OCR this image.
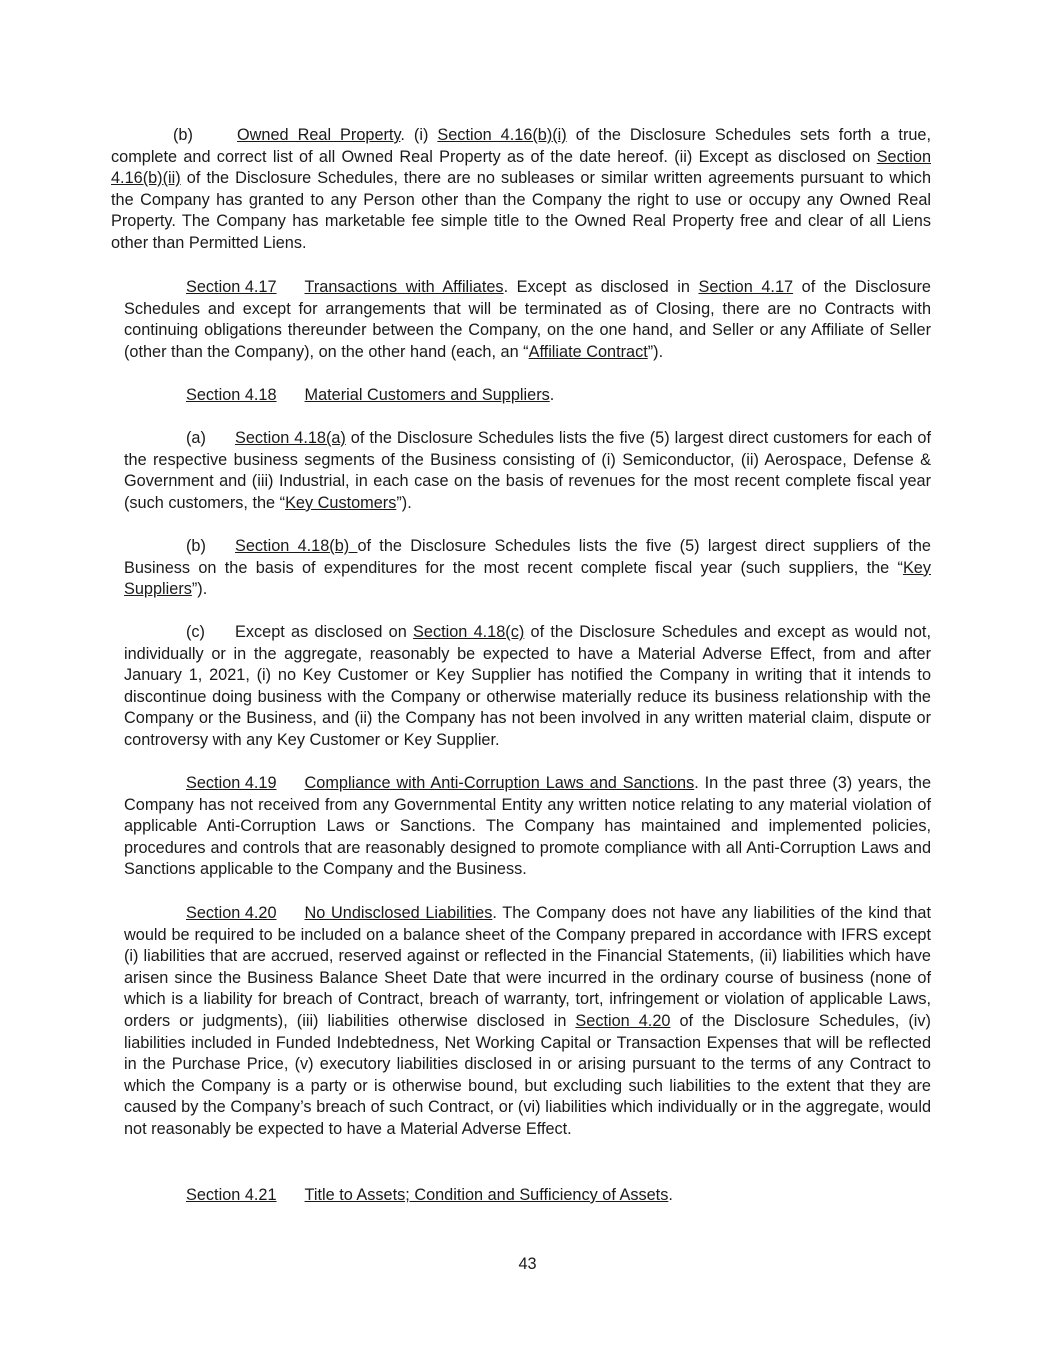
(b)	Owned Real Property. (i) Section 4.16(b)(i) of the Disclosure Schedules sets forth a true, complete and correct list of all Owned Real Property as of the date hereof. (ii) Except as disclosed on Section 4.16(b)(ii) of the Disclosure Schedules, there are no subleases or similar written agreements pursuant to which the Company has granted to any Person other than the Company the right to use or occupy any Owned Real Property. The Company has marketable fee simple title to the Owned Real Property free and clear of all Liens other than Permitted Liens.

Section 4.17 Transactions with Affiliates. Except as disclosed in Section 4.17 of the Disclosure Schedules and except for arrangements that will be terminated as of Closing, there are no Contracts with continuing obligations thereunder between the Company, on the one hand, and Seller or any Affiliate of Seller (other than the Company), on the other hand (each, an “Affiliate Contract”).

Section 4.18 Material Customers and Suppliers.

(a) Section 4.18(a) of the Disclosure Schedules lists the five (5) largest direct customers for each of the respective business segments of the Business consisting of (i) Semiconductor, (ii) Aerospace, Defense & Government and (iii) Industrial, in each case on the basis of revenues for the most recent complete fiscal year (such customers, the “Key Customers”).

(b) Section 4.18(b) of the Disclosure Schedules lists the five (5) largest direct suppliers of the Business on the basis of expenditures for the most recent complete fiscal year (such suppliers, the “Key Suppliers”).

(c) Except as disclosed on Section 4.18(c) of the Disclosure Schedules and except as would not, individually or in the aggregate, reasonably be expected to have a Material Adverse Effect, from and after January 1, 2021, (i) no Key Customer or Key Supplier has notified the Company in writing that it intends to discontinue doing business with the Company or otherwise materially reduce its business relationship with the Company or the Business, and (ii) the Company has not been involved in any written material claim, dispute or controversy with any Key Customer or Key Supplier.

Section 4.19 Compliance with Anti-Corruption Laws and Sanctions. In the past three (3) years, the Company has not received from any Governmental Entity any written notice relating to any material violation of applicable Anti-Corruption Laws or Sanctions. The Company has maintained and implemented policies, procedures and controls that are reasonably designed to promote compliance with all Anti-Corruption Laws and Sanctions applicable to the Company and the Business.

Section 4.20 No Undisclosed Liabilities. The Company does not have any liabilities of the kind that would be required to be included on a balance sheet of the Company prepared in accordance with IFRS except (i) liabilities that are accrued, reserved against or reflected in the Financial Statements, (ii) liabilities which have arisen since the Business Balance Sheet Date that were incurred in the ordinary course of business (none of which is a liability for breach of Contract, breach of warranty, tort, infringement or violation of applicable Laws, orders or judgments), (iii) liabilities otherwise disclosed in Section 4.20 of the Disclosure Schedules, (iv) liabilities included in Funded Indebtedness, Net Working Capital or Transaction Expenses that will be reflected in the Purchase Price, (v) executory liabilities disclosed in or arising pursuant to the terms of any Contract to which the Company is a party or is otherwise bound, but excluding such liabilities to the extent that they are caused by the Company’s breach of such Contract, or (vi) liabilities which individually or in the aggregate, would not reasonably be expected to have a Material Adverse Effect.

Section 4.21 Title to Assets; Condition and Sufficiency of Assets.

43
